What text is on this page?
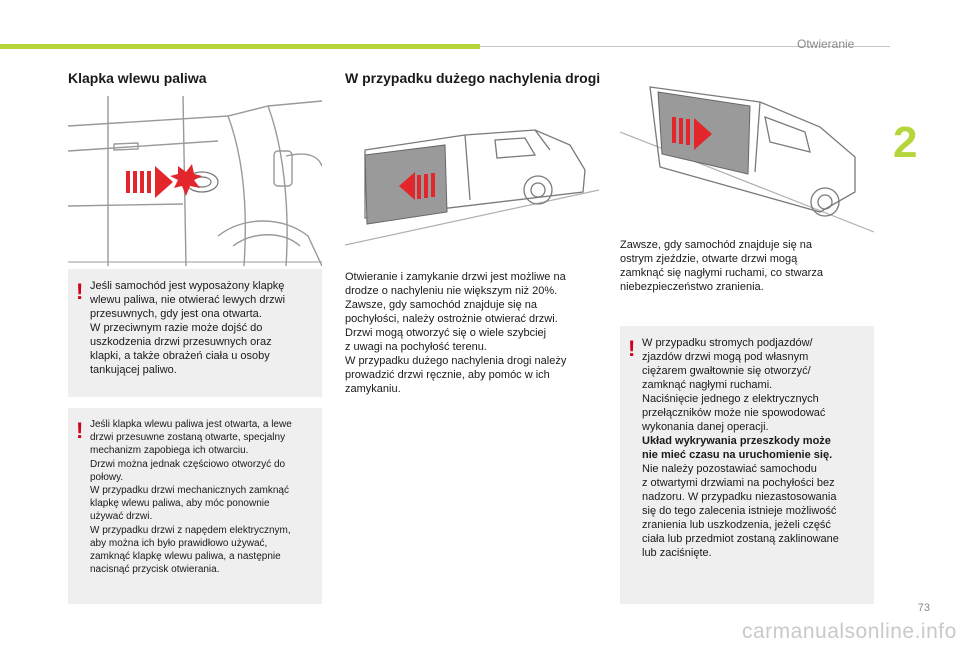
Otwieranie
2
Klapka wlewu paliwa
! Jeśli samochód jest wyposażony klapkę
wlewu paliwa, nie otwierać lewych drzwi
przesuwnych, gdy jest ona otwarta.
W przeciwnym razie może dojść do
uszkodzenia drzwi przesuwnych oraz
klapki, a także obrażeń ciała u osoby
tankującej paliwo.
! Jeśli klapka wlewu paliwa jest otwarta, a lewe
drzwi przesuwne zostaną otwarte, specjalny
mechanizm zapobiega ich otwarciu.
Drzwi można jednak częściowo otworzyć do
połowy.
W przypadku drzwi mechanicznych zamknąć
klapkę wlewu paliwa, aby móc ponownie
używać drzwi.
W przypadku drzwi z napędem elektrycznym,
aby można ich było prawidłowo używać,
zamknąć klapkę wlewu paliwa, a następnie
nacisnąć przycisk otwierania.
W przypadku dużego nachylenia drogi
Otwieranie i zamykanie drzwi jest możliwe na
drodze o nachyleniu nie większym niż 20%.
Zawsze, gdy samochód znajduje się na
pochyłości, należy ostrożnie otwierać drzwi.
Drzwi mogą otworzyć się o wiele szybciej
z uwagi na pochyłość terenu.
W przypadku dużego nachylenia drogi należy
prowadzić drzwi ręcznie, aby pomóc w ich
zamykaniu.
Zawsze, gdy samochód znajduje się na
ostrym zjeździe, otwarte drzwi mogą
zamknąć się nagłymi ruchami, co stwarza
niebezpieczeństwo zranienia.
! W przypadku stromych podjazdów/
zjazdów drzwi mogą pod własnym
ciężarem gwałtownie się otworzyć/
zamknąć nagłymi ruchami.
Naciśnięcie jednego z elektrycznych
przełączników może nie spowodować
wykonania danej operacji.
Układ wykrywania przeszkody może
nie mieć czasu na uruchomienie się.
Nie należy pozostawiać samochodu
z otwartymi drzwiami na pochyłości bez
nadzoru. W przypadku niezastosowania
się do tego zalecenia istnieje możliwość
zranienia lub uszkodzenia, jeżeli część
ciała lub przedmiot zostaną zaklinowane
lub zaciśnięte.
73
carmanualsonline.info
